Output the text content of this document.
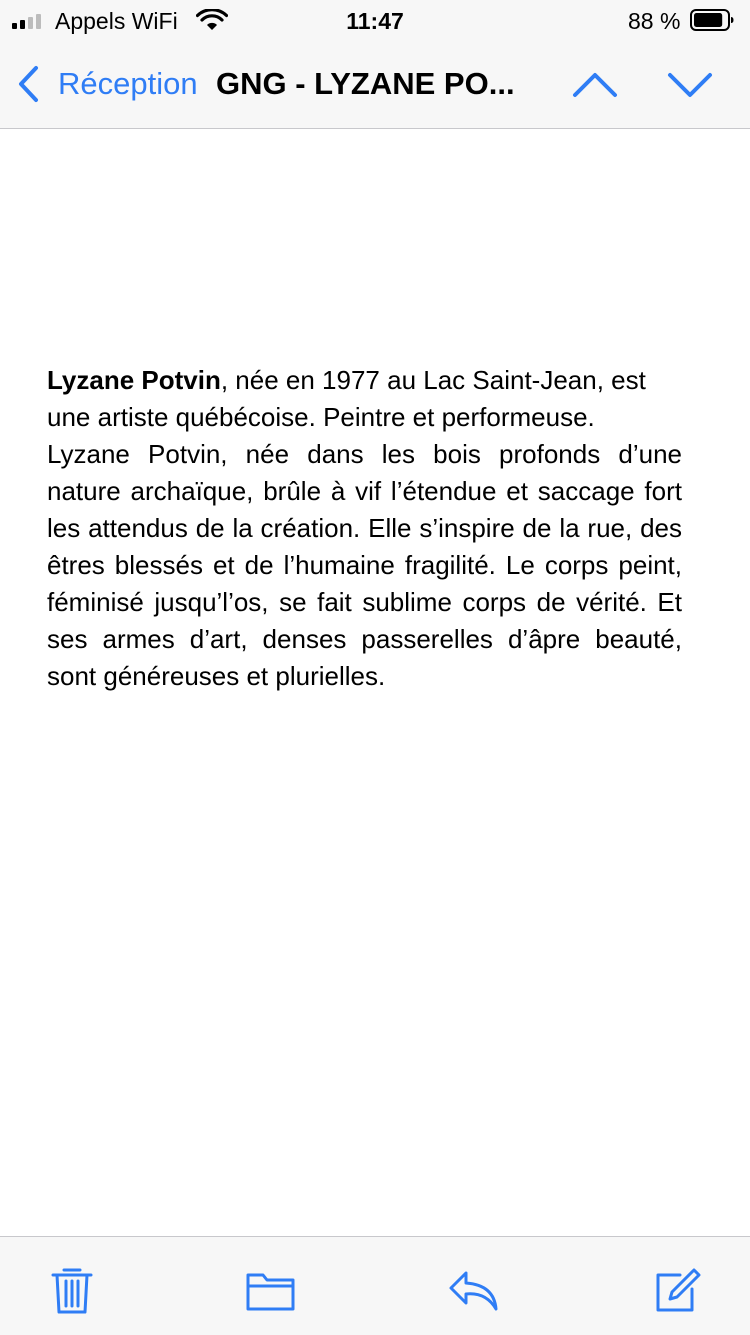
Appels WiFi	11:47	88 %
Réception GNG - LYZANE PO...

Lyzane Potvin, née en 1977 au Lac Saint-Jean, est une artiste québécoise. Peintre et performeuse.

Lyzane Potvin, née dans les bois profonds d’une nature archaïque, brûle à vif l’étendue et saccage fort les attendus de la création. Elle s’inspire de la rue, des êtres blessés et de l’humaine fragilité. Le corps peint, féminisé jusqu’l’os, se fait sublime corps de vérité. Et ses armes d’art, denses passerelles d’âpre beauté, sont généreuses et plurielles.
